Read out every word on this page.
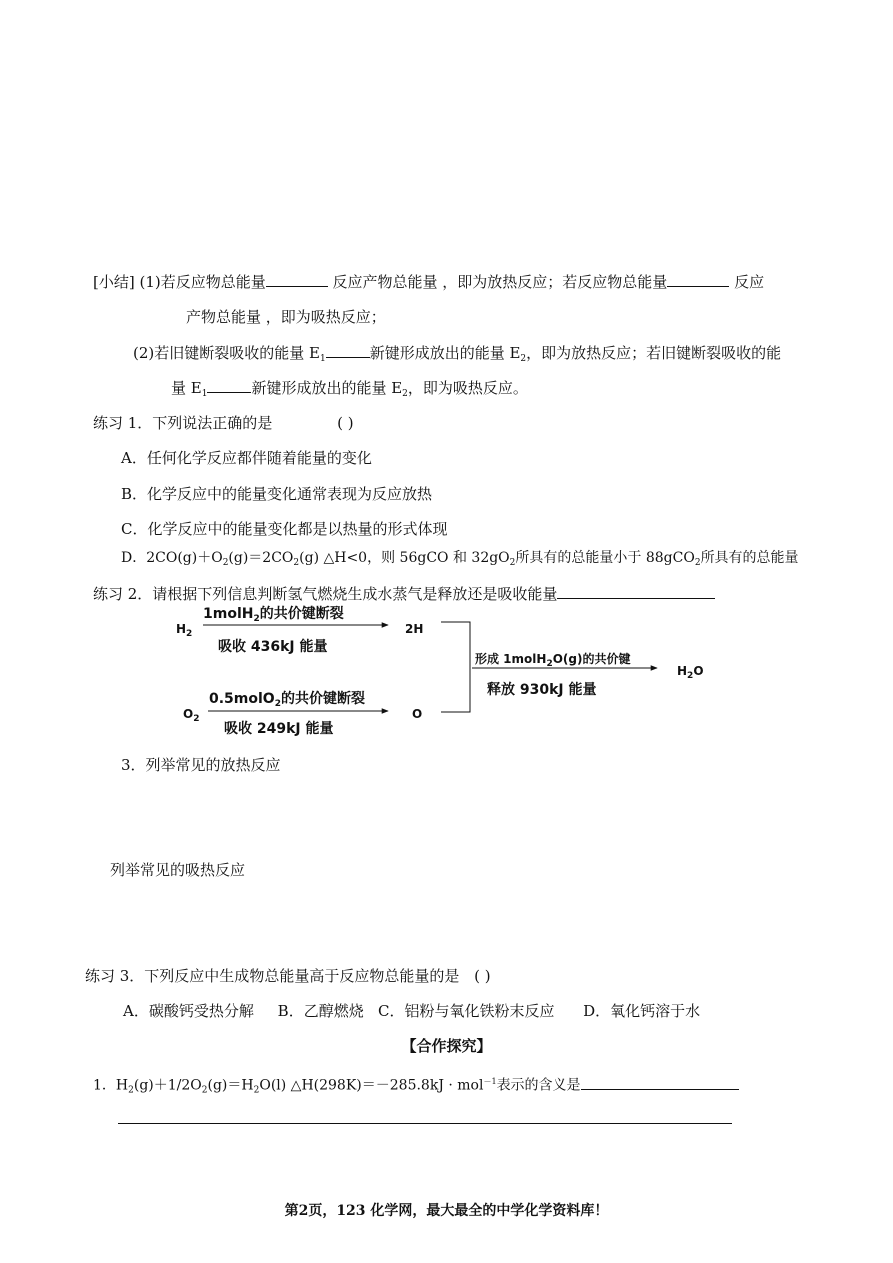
[小结] (1)若反应物总能量	反应产物总能量 ，即为放热反应；若反应物总能量	反应
产物总能量 ，即为吸热反应；
(2)若旧键断裂吸收的能量 $E_1$	新键形成放出的能量 $E_2$，即为放热反应；若旧键断裂吸收的能
量 $E_1$	新键形成放出的能量 $E_2$，即为吸热反应。
练习 1．下列说法正确的是	( )
A．任何化学反应都伴随着能量的变化
B．化学反应中的能量变化通常表现为反应放热
C．化学反应中的能量变化都是以热量的形式体现
D．$2CO(g)+O_2(g)=2CO_2(g)$ △H<0，则 56gCO 和 $32gO_2$所具有的总能量小于 88gCO$_2$所具有的总能量
练习 2．请根据下列信息判断氢气燃烧生成水蒸气是释放还是吸收能量
$H_2$
1molH$_2$的共价键断裂
吸收 436kJ 能量
2H
$O_2$
0.5molO$_2$的共价键断裂
吸收 249kJ 能量
O
形成 1molH$_2$O(g)的共价键
释放 930kJ 能量
$H_2O$
3．列举常见的放热反应
列举常见的吸热反应
练习 3．下列反应中生成物总能量高于反应物总能量的是 ( )
A．碳酸钙受热分解     B．乙醇燃烧   C．铝粉与氧化铁粉末反应      D．氧化钙溶于水
【合作探究】
1．$H_2(g)+1/2O_2(g)=H_2O(l)$ △H(298K)＝－285.8kJ · mol$^{-1}$表示的含义是
第2页，123 化学网，最大最全的中学化学资料库！
